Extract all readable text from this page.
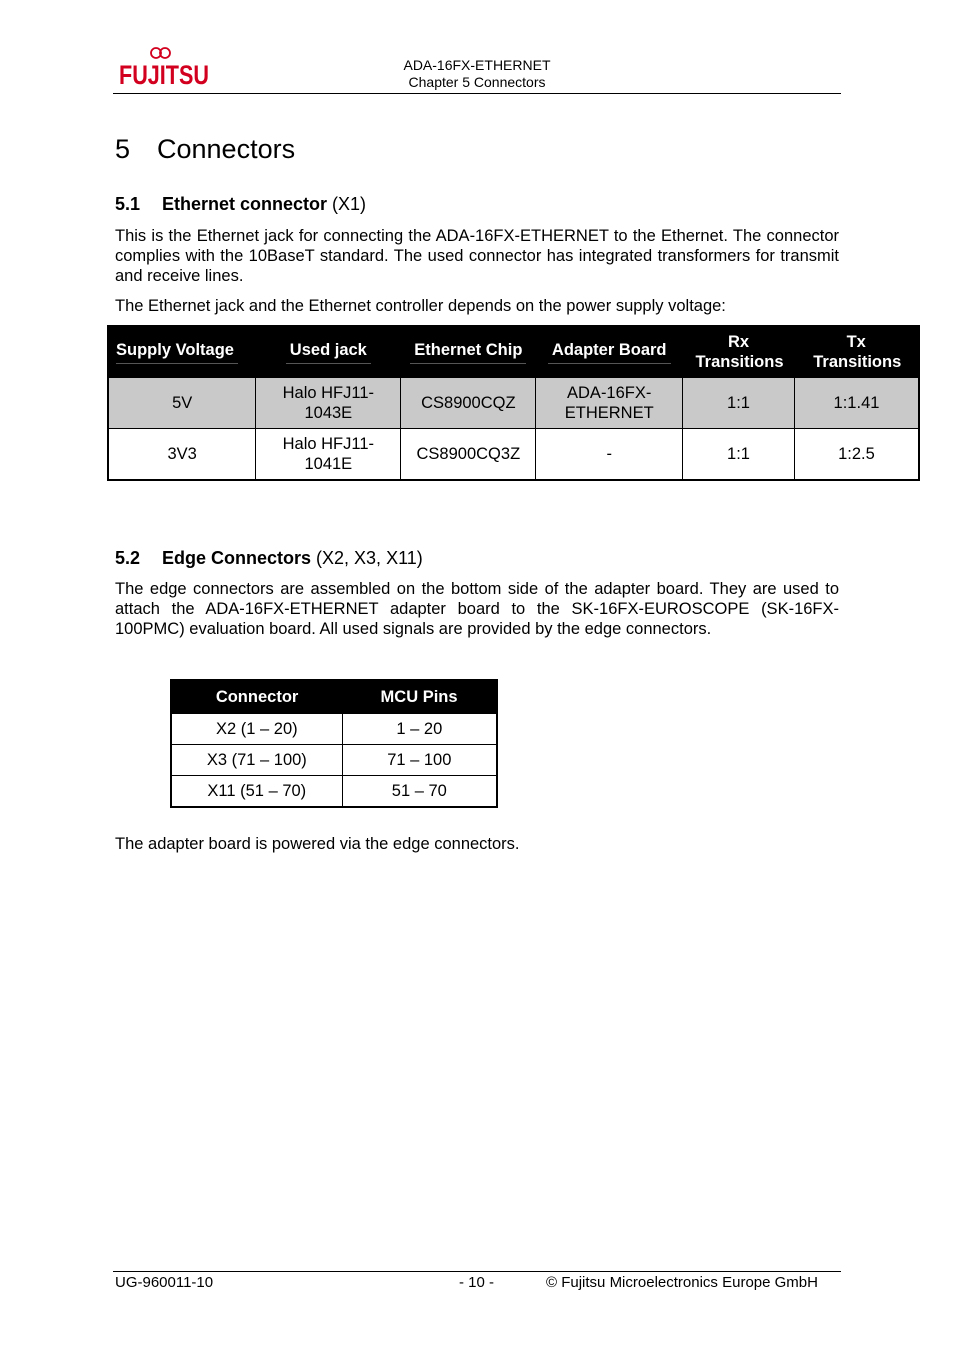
FUJITSU	ADA-16FX-ETHERNET
Chapter 5 Connectors
5 Connectors
5.1 Ethernet connector (X1)

This is the Ethernet jack for connecting the ADA-16FX-ETHERNET to the Ethernet. The connector complies with the 10BaseT standard. The used connector has integrated transformers for transmit and receive lines.

The Ethernet jack and the Ethernet controller depends on the power supply voltage:

Supply Voltage	Used jack	Ethernet Chip	Adapter Board	Rx Transitions	Tx Transitions
5V	Halo HFJ11-1043E	CS8900CQZ	ADA-16FX-ETHERNET	1:1	1:1.41
3V3	Halo HFJ11-1041E	CS8900CQ3Z	-	1:1	1:2.5
5.2 Edge Connectors (X2, X3, X11)

The edge connectors are assembled on the bottom side of the adapter board. They are used to attach the ADA-16FX-ETHERNET adapter board to the SK-16FX-EUROSCOPE (SK-16FX-100PMC) evaluation board. All used signals are provided by the edge connectors.

Connector	MCU Pins
X2 (1 – 20)	1 – 20
X3 (71 – 100)	71 – 100
X11 (51 – 70)	51 – 70

The adapter board is powered via the edge connectors.

UG-960011-10	- 10 -	© Fujitsu Microelectronics Europe GmbH
